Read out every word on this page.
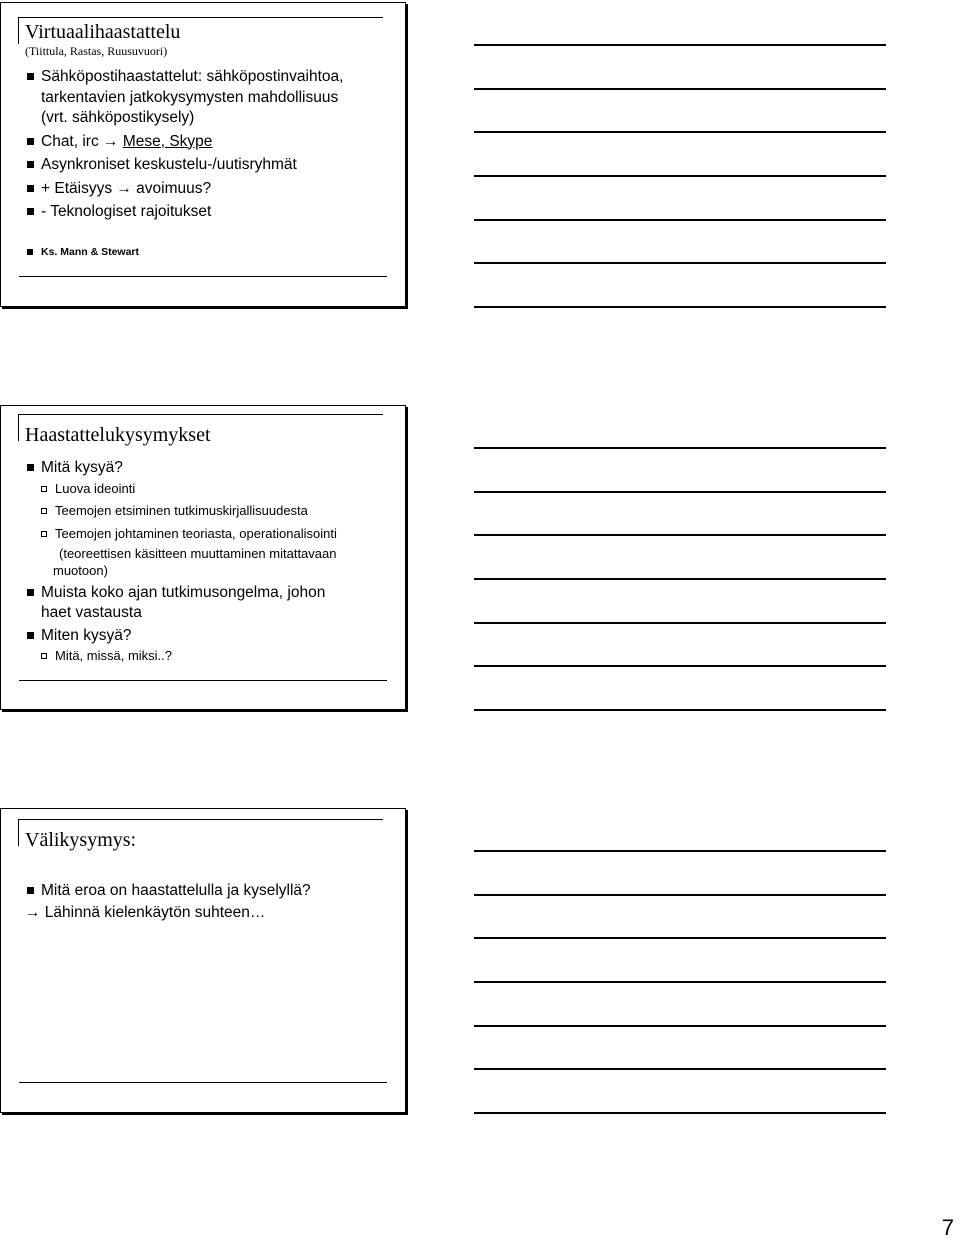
Virtuaalihaastattelu

(Tiittula, Rastas, Ruusuvuori)

Sähköpostihaastattelut: sähköpostinvaihtoa,
tarkentavien jatkokysymysten mahdollisuus
(vrt. sähköpostikysely)
Chat, irc → Mese, Skype
Asynkroniset keskustelu-/uutisryhmät
+ Etäisyys → avoimuus?
- Teknologiset rajoitukset
Ks. Mann & Stewart
Haastattelukysymykset
Mitä kysyä?
Luova ideointi
Teemojen etsiminen tutkimuskirjallisuudesta
Teemojen johtaminen teoriasta, operationalisointi
(teoreettisen käsitteen muuttaminen mitattavaan
muotoon)
Muista koko ajan tutkimusongelma, johon
haet vastausta
Miten kysyä?
Mitä, missä, miksi..?
Välikysymys:
Mitä eroa on haastattelulla ja kyselyllä?
→ Lähinnä kielenkäytön suhteen…
7
